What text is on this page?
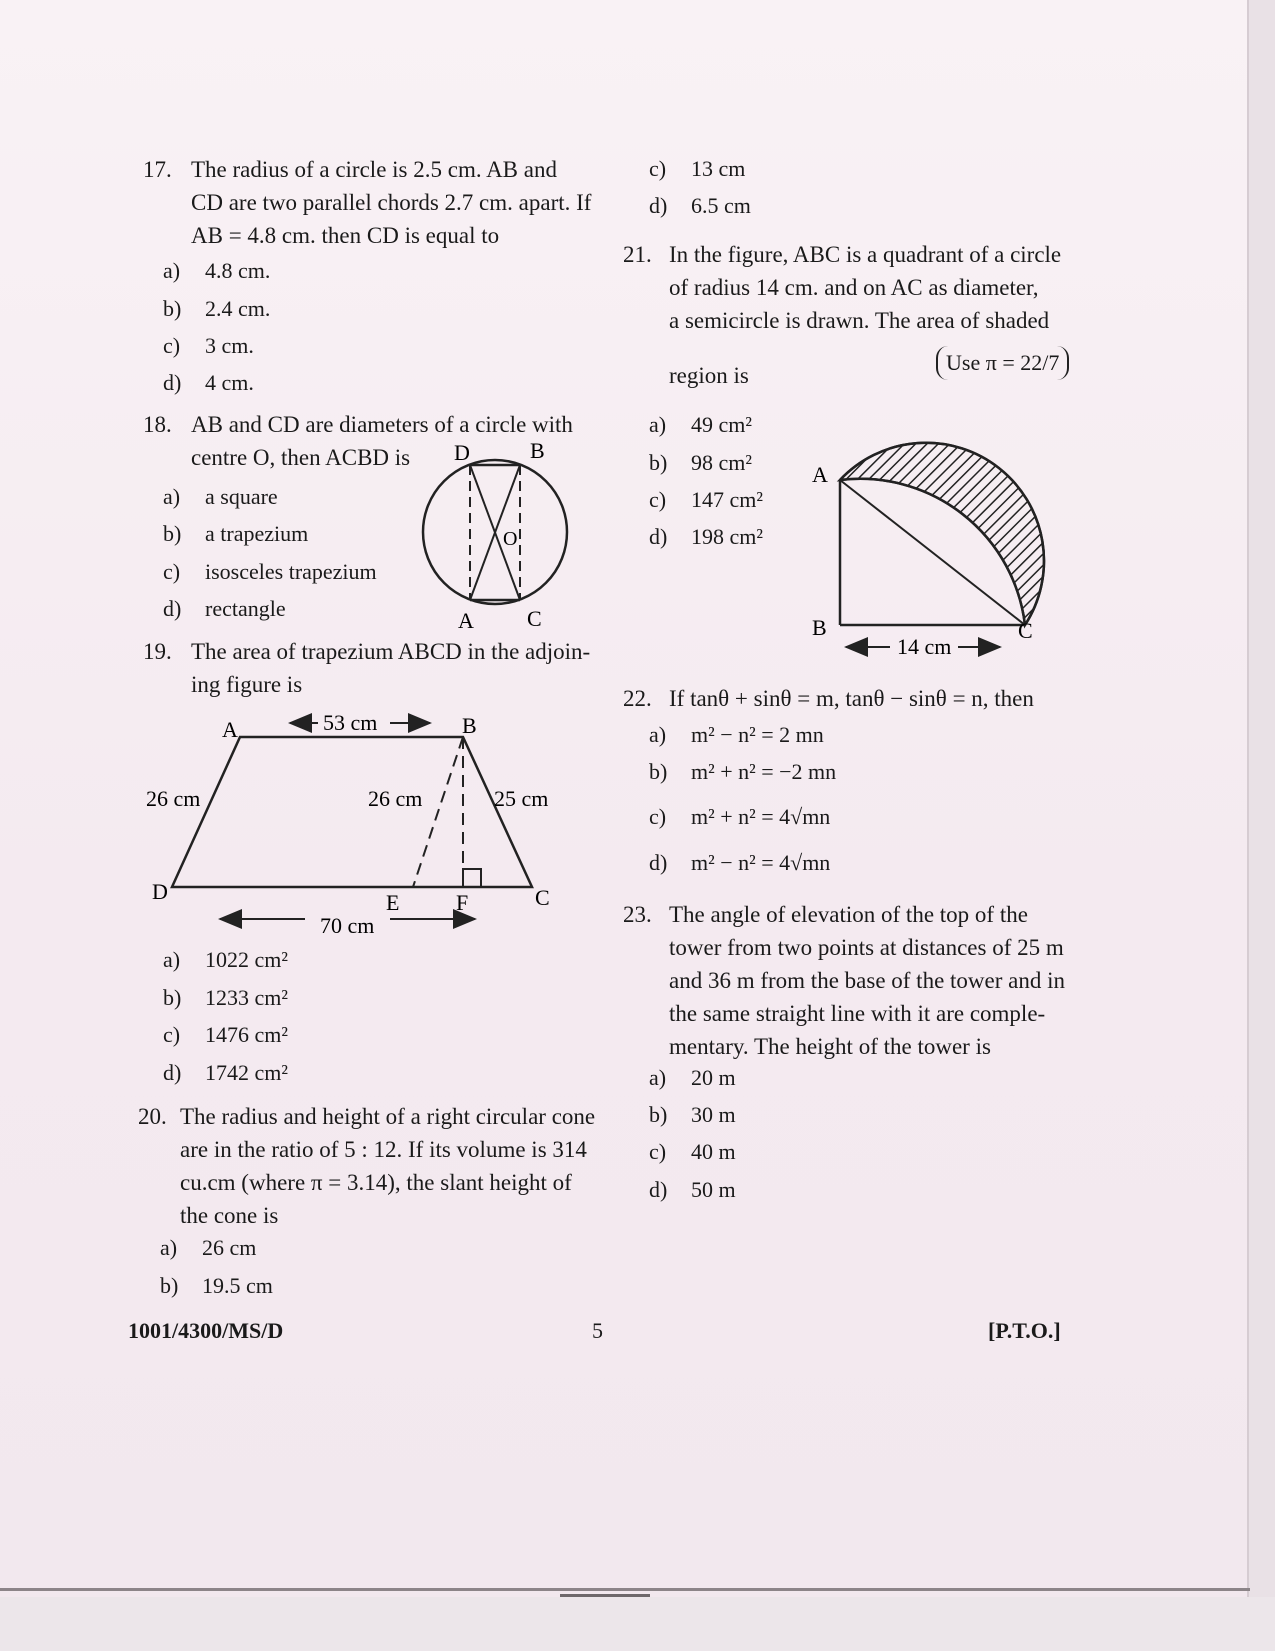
17. The radius of a circle is 2.5 cm. AB and
CD are two parallel chords 2.7 cm. apart. If
AB = 4.8 cm. then CD is equal to
a) 4.8 cm.
b) 2.4 cm.
c) 3 cm.
d) 4 cm.
18. AB and CD are diameters of a circle with
centre O, then ACBD is
a) a square
b) a trapezium
c) isosceles trapezium
d) rectangle
D	B
O
A C
19. The area of trapezium ABCD in the adjoin-
ing figure is
53 cm
70 cm
26 cm	26 cm	25 cm
A	B
C
D	E	F
a) 1022 cm²
b) 1233 cm²
c) 1476 cm²
d) 1742 cm²
20. The radius and height of a right circular cone
are in the ratio of 5 : 12. If its volume is 314
cu.cm (where π = 3.14), the slant height of
the cone is
a) 26 cm
b) 19.5 cm
c) 13 cm
d) 6.5 cm
21. In the figure, ABC is a quadrant of a circle
of radius 14 cm. and on AC as diameter,
a semicircle is drawn. The area of shaded
region is
Use π = 22/7
a) 49 cm²
b) 98 cm²
c) 147 cm²
d) 198 cm²
A
B	C
14 cm
22. If tanθ + sinθ = m, tanθ − sinθ = n, then
a) m² − n² = 2 mn
b) m² + n² = −2 mn
c) m² + n² = 4√mn
d) m² − n² = 4√mn
23. The angle of elevation of the top of the
tower from two points at distances of 25 m
and 36 m from the base of the tower and in
the same straight line with it are comple-
mentary. The height of the tower is
a) 20 m
b) 30 m
c) 40 m
d) 50 m
1001/4300/MS/D	5	[P.T.O.]
